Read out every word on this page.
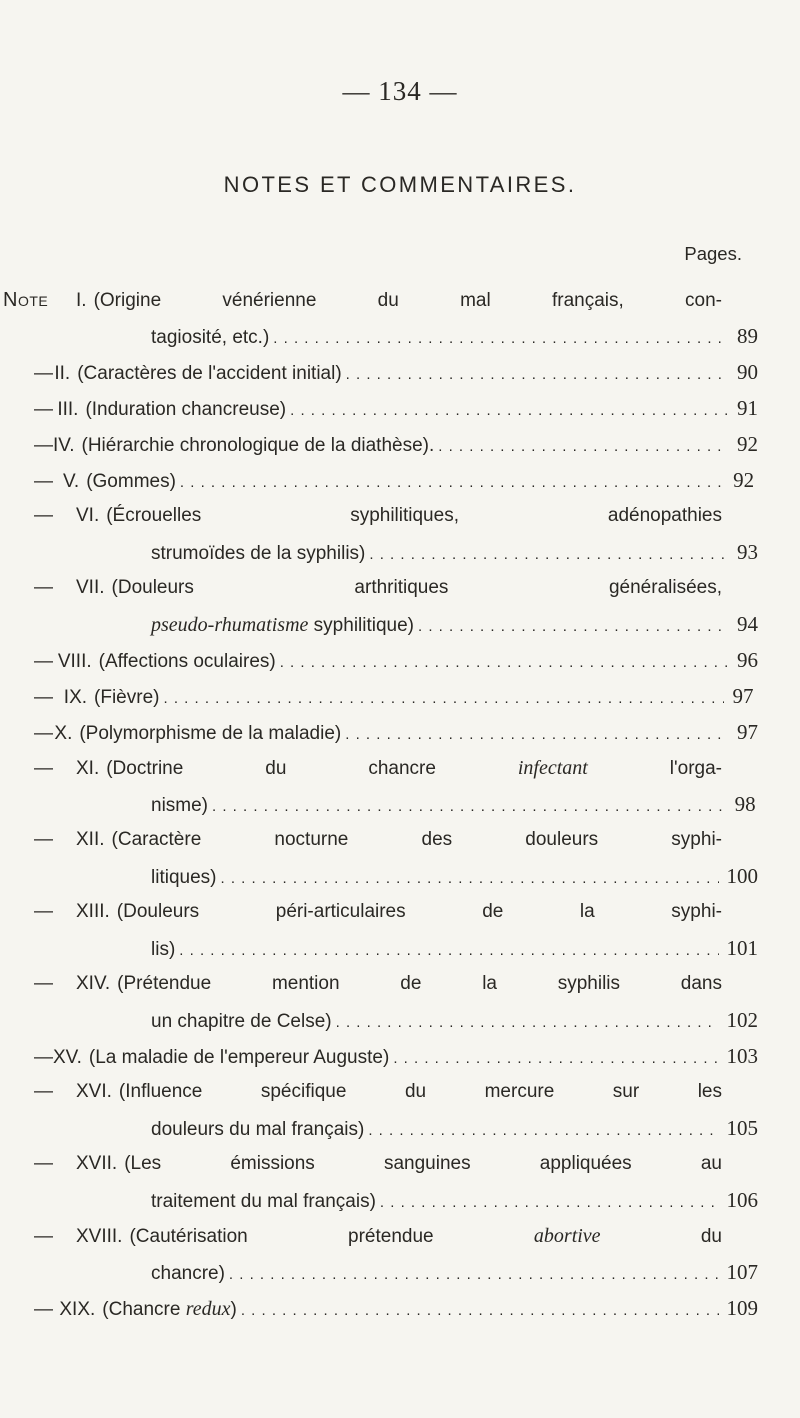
— 134 —
NOTES ET COMMENTAIRES.
Pages.
Note	I. (Origine vénérienne du mal français, con-
tagiosité, etc.) . . .	89
— II. (Caractères de l'accident initial) . . .	90
— III. (Induration chancreuse) . . .	91
— IV. (Hiérarchie chronologique de la diathèse). . . .	92
— V. (Gommes) . . .	92
—	VI. (Écrouelles syphilitiques, adénopathies
strumoïdes de la syphilis) . . .	93
—	VII. (Douleurs arthritiques généralisées,
pseudo-rhumatisme syphilitique) . . .	94
— VIII. (Affections oculaires) . . .	96
— IX. (Fièvre) . . .	97
— X. (Polymorphisme de la maladie) . . .	97
—	XI. (Doctrine du chancre infectant l'orga-
nisme) . . .	98
—	XII. (Caractère nocturne des douleurs syphi-
litiques) . . .	100
—	XIII. (Douleurs péri-articulaires de la syphi-
lis) . . .	101
—	XIV. (Prétendue mention de la syphilis dans
un chapitre de Celse) . . .	102
— XV. (La maladie de l'empereur Auguste) . . .	103
—	XVI. (Influence spécifique du mercure sur les
douleurs du mal français) . . .	105
—	XVII. (Les émissions sanguines appliquées au
traitement du mal français) . . .	106
—	XVIII. (Cautérisation prétendue abortive du
chancre) . . .	107
— XIX. (Chancre redux) . . .	109
